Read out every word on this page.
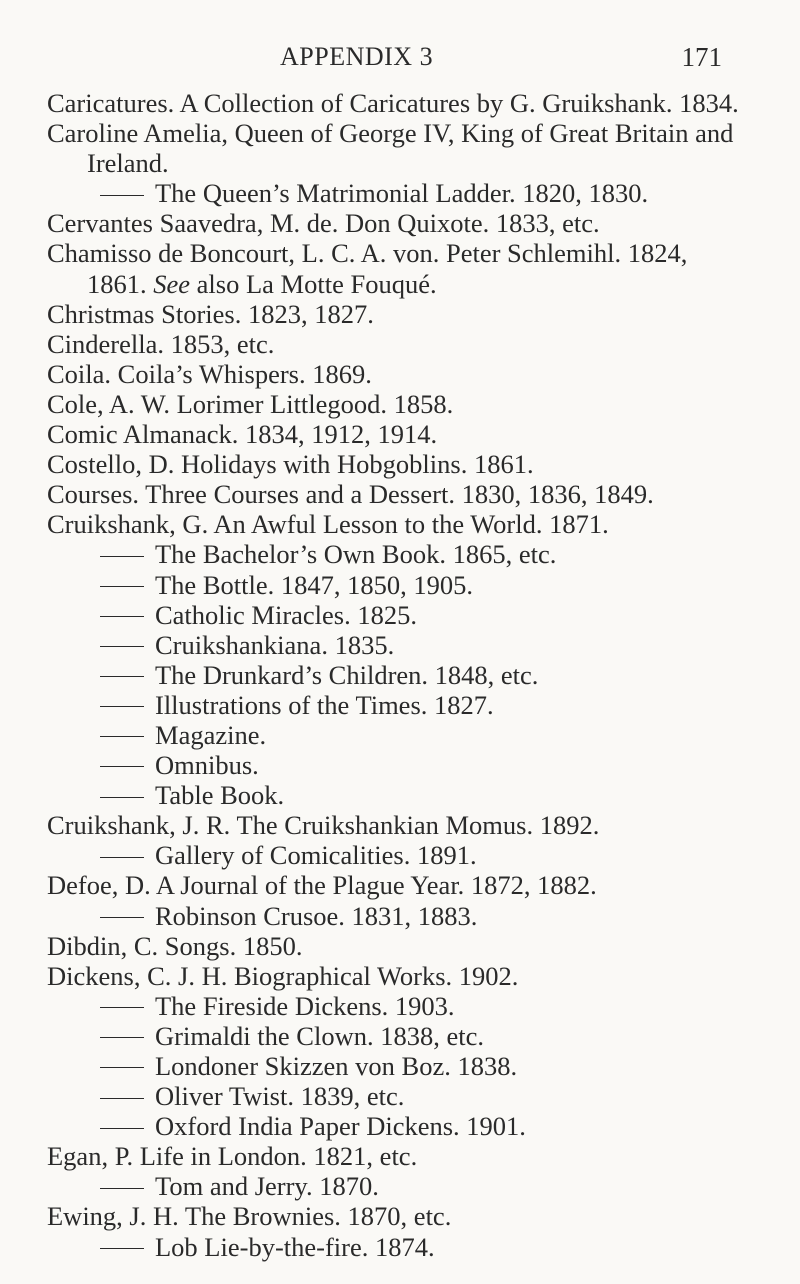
APPENDIX 3	171
Caricatures. A Collection of Caricatures by G. Gruikshank. 1834.
Caroline Amelia, Queen of George IV, King of Great Britain and Ireland.
The Queen’s Matrimonial Ladder. 1820, 1830.
Cervantes Saavedra, M. de. Don Quixote. 1833, etc.
Chamisso de Boncourt, L. C. A. von. Peter Schlemihl. 1824, 1861. See also La Motte Fouqué.
Christmas Stories. 1823, 1827.
Cinderella. 1853, etc.
Coila. Coila’s Whispers. 1869.
Cole, A. W. Lorimer Littlegood. 1858.
Comic Almanack. 1834, 1912, 1914.
Costello, D. Holidays with Hobgoblins. 1861.
Courses. Three Courses and a Dessert. 1830, 1836, 1849.
Cruikshank, G. An Awful Lesson to the World. 1871.
The Bachelor’s Own Book. 1865, etc.
The Bottle. 1847, 1850, 1905.
Catholic Miracles. 1825.
Cruikshankiana. 1835.
The Drunkard’s Children. 1848, etc.
Illustrations of the Times. 1827.
Magazine.
Omnibus.
Table Book.
Cruikshank, J. R. The Cruikshankian Momus. 1892.
Gallery of Comicalities. 1891.
Defoe, D. A Journal of the Plague Year. 1872, 1882.
Robinson Crusoe. 1831, 1883.
Dibdin, C. Songs. 1850.
Dickens, C. J. H. Biographical Works. 1902.
The Fireside Dickens. 1903.
Grimaldi the Clown. 1838, etc.
Londoner Skizzen von Boz. 1838.
Oliver Twist. 1839, etc.
Oxford India Paper Dickens. 1901.
Egan, P. Life in London. 1821, etc.
Tom and Jerry. 1870.
Ewing, J. H. The Brownies. 1870, etc.
Lob Lie-by-the-fire. 1874.
